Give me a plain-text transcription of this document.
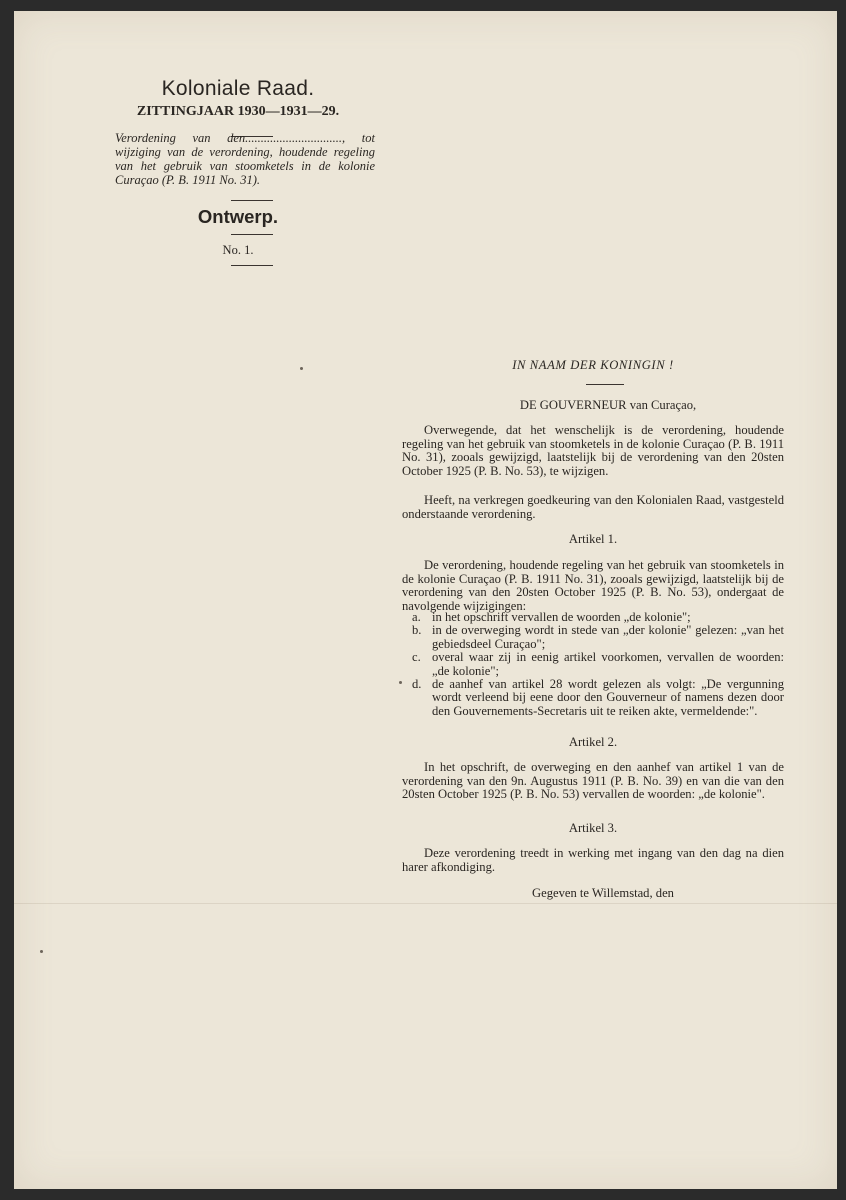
Koloniale Raad.
ZITTINGJAAR 1930—1931—29.
Verordening van den..............................., tot wijziging van de verordening, houdende regeling van het gebruik van stoomketels in de kolonie Curaçao (P. B. 1911 No. 31).
Ontwerp.
No. 1.
IN NAAM DER KONINGIN !
DE GOUVERNEUR van Curaçao,
Overwegende, dat het wenschelijk is de verordening, houdende regeling van het gebruik van stoomketels in de kolonie Curaçao (P. B. 1911 No. 31), zooals gewijzigd, laatstelijk bij de verordening van den 20sten October 1925 (P. B. No. 53), te wijzigen.
Heeft, na verkregen goedkeuring van den Kolonialen Raad, vastgesteld onderstaande verordening.
Artikel 1.
De verordening, houdende regeling van het gebruik van stoomketels in de kolonie Curaçao (P. B. 1911 No. 31), zooals gewijzigd, laatstelijk bij de verordening van den 20sten October 1925 (P. B. No. 53), ondergaat de navolgende wijzigingen:
a. in het opschrift vervallen de woorden „de kolonie";
b. in de overweging wordt in stede van „der kolonie" gelezen: „van het gebiedsdeel Curaçao";
c. overal waar zij in eenig artikel voorkomen, vervallen de woorden: „de kolonie";
d. de aanhef van artikel 28 wordt gelezen als volgt: „De vergunning wordt verleend bij eene door den Gouverneur of namens dezen door den Gouvernements-Secretaris uit te reiken akte, vermeldende:".
Artikel 2.
In het opschrift, de overweging en den aanhef van artikel 1 van de verordening van den 9n. Augustus 1911 (P. B. No. 39) en van die van den 20sten October 1925 (P. B. No. 53) vervallen de woorden: „de kolonie".
Artikel 3.
Deze verordening treedt in werking met ingang van den dag na dien harer afkondiging.
Gegeven te Willemstad, den
